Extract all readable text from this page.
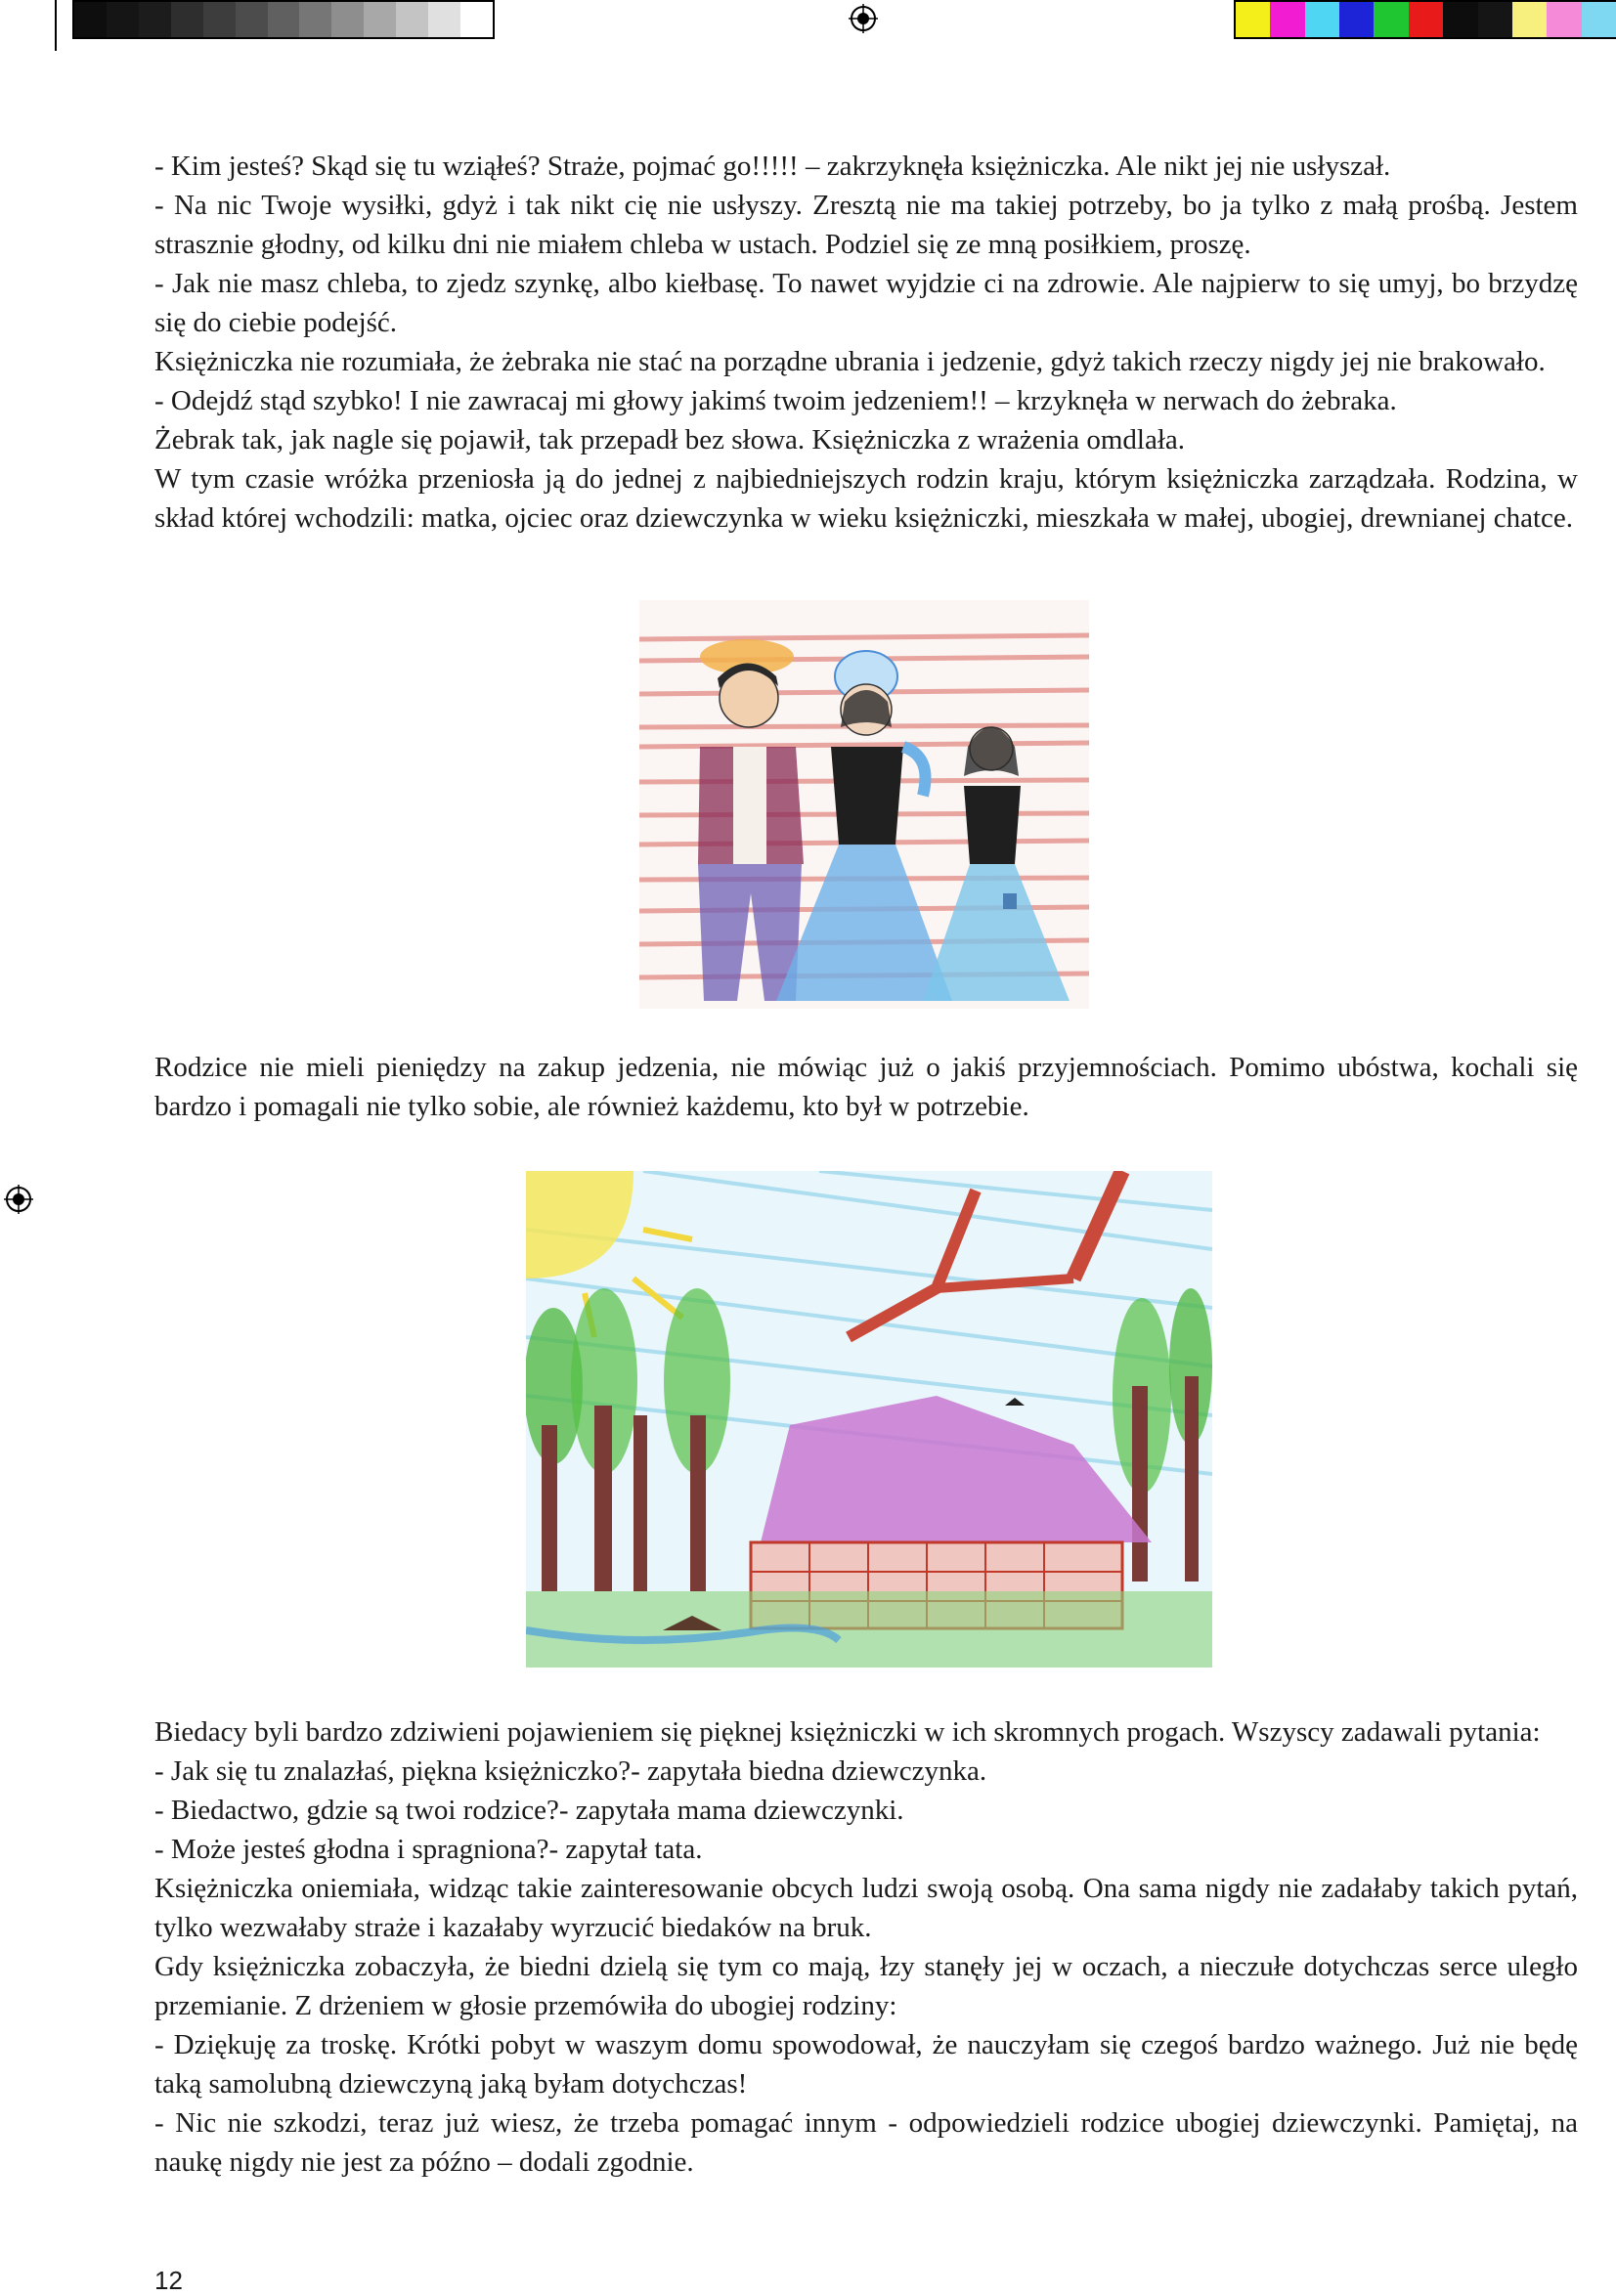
- Kim jesteś? Skąd się tu wziąłeś? Straże, pojmać go!!!!! – zakrzyknęła księżniczka. Ale nikt jej nie usłyszał.

- Na nic Twoje wysiłki, gdyż i tak nikt cię nie usłyszy. Zresztą nie ma takiej potrzeby, bo ja tylko z małą prośbą. Jestem strasznie głodny, od kilku dni nie miałem chleba w ustach. Podziel się ze mną posiłkiem, proszę.

- Jak nie masz chleba, to zjedz szynkę, albo kiełbasę. To nawet wyjdzie ci na zdrowie. Ale najpierw to się umyj, bo brzydzę się do ciebie podejść.

Księżniczka nie rozumiała, że żebraka nie stać na porządne ubrania i jedzenie, gdyż takich rzeczy nigdy jej nie brakowało.

- Odejdź stąd szybko! I nie zawracaj mi głowy jakimś twoim jedzeniem!! – krzyknęła w nerwach do żebraka.

Żebrak tak, jak nagle się pojawił, tak przepadł bez słowa. Księżniczka z wrażenia omdlała.

W tym czasie wróżka przeniosła ją do jednej z najbiedniejszych rodzin kraju, którym księżniczka zarządzała. Rodzina, w skład której wchodzili: matka, ojciec oraz dziewczynka w wieku księżniczki, mieszkała w małej, ubogiej, drewnianej chatce.

Rodzice nie mieli pieniędzy na zakup jedzenia, nie mówiąc już o jakiś przyjemnościach. Pomimo ubóstwa, kochali się bardzo i pomagali nie tylko sobie, ale również każdemu, kto był w potrzebie.

Biedacy byli bardzo zdziwieni pojawieniem się pięknej księżniczki w ich skromnych progach. Wszyscy zadawali pytania:

- Jak się tu znalazłaś, piękna księżniczko?- zapytała biedna dziewczynka.

- Biedactwo, gdzie są twoi rodzice?- zapytała mama dziewczynki.

- Może jesteś głodna i spragniona?- zapytał tata.

Księżniczka oniemiała, widząc takie zainteresowanie obcych ludzi swoją osobą. Ona sama nigdy nie zadałaby takich pytań, tylko wezwałaby straże i kazałaby wyrzucić biedaków na bruk.

Gdy księżniczka zobaczyła, że biedni dzielą się tym co mają, łzy stanęły jej w oczach, a nieczułe dotychczas serce uległo przemianie. Z drżeniem w głosie przemówiła do ubogiej rodziny:

- Dziękuję za troskę. Krótki pobyt w waszym domu spowodował, że nauczyłam się czegoś bardzo ważnego. Już nie będę taką samolubną dziewczyną jaką byłam dotychczas!

- Nic nie szkodzi, teraz już wiesz, że trzeba pomagać innym - odpowiedzieli rodzice ubogiej dziewczynki. Pamiętaj, na naukę nigdy nie jest za późno – dodali zgodnie.

12
